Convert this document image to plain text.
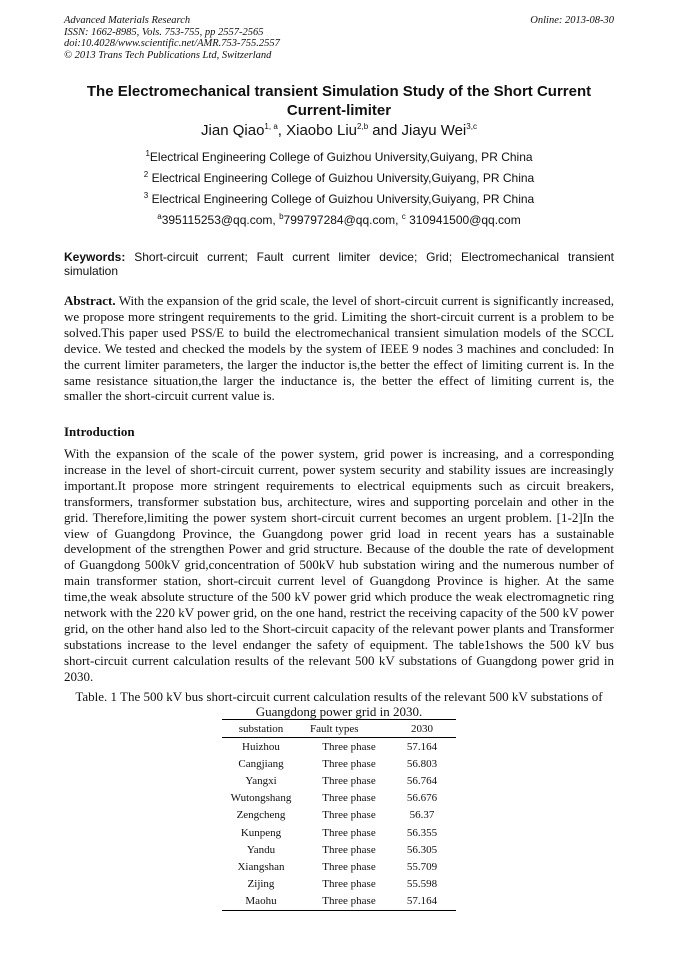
Advanced Materials Research
ISSN: 1662-8985, Vols. 753-755, pp 2557-2565
doi:10.4028/www.scientific.net/AMR.753-755.2557
© 2013 Trans Tech Publications Ltd, Switzerland
Online: 2013-08-30
The Electromechanical transient Simulation Study of the Short Current Current-limiter
Jian Qiao$^{1, a}$, Xiaobo Liu$^{2,b}$ and Jiayu Wei$^{3,c}$
$^1$Electrical Engineering College of Guizhou University,Guiyang, PR China
$^2$ Electrical Engineering College of Guizhou University,Guiyang, PR China
$^3$ Electrical Engineering College of Guizhou University,Guiyang, PR China
$^a$395115253@qq.com, $^b$799797284@qq.com, $^c$ 310941500@qq.com
Keywords: Short-circuit current; Fault current limiter device; Grid; Electromechanical transient simulation
Abstract. With the expansion of the grid scale, the level of short-circuit current is significantly increased, we propose more stringent requirements to the grid. Limiting the short-circuit current is a problem to be solved.This paper used PSS/E to build the electromechanical transient simulation models of the SCCL device. We tested and checked the models by the system of IEEE 9 nodes 3 machines and concluded: In the current limiter parameters, the larger the inductor is,the better the effect of limiting current is. In the same resistance situation,the larger the inductance is, the better the effect of limiting current is, the smaller the short-circuit current value is.
Introduction
With the expansion of the scale of the power system, grid power is increasing, and a corresponding increase in the level of short-circuit current, power system security and stability issues are increasingly important.It propose more stringent requirements to electrical equipments such as circuit breakers, transformers, transformer substation bus, architecture, wires and supporting porcelain and other in the grid. Therefore,limiting the power system short-circuit current becomes an urgent problem. [1-2]In the view of Guangdong Province, the Guangdong power grid load in recent years has a sustainable development of the strengthen Power and grid structure. Because of the double the rate of development of Guangdong 500kV grid,concentration of 500kV hub substation wiring and the numerous number of main transformer station, short-circuit current level of Guangdong Province is higher. At the same time,the weak absolute structure of the 500 kV power grid which produce the weak electromagnetic ring network with the 220 kV power grid, on the one hand, restrict the receiving capacity of the 500 kV power grid, on the other hand also led to the Short-circuit capacity of the relevant power plants and Transformer substations increase to the level endanger the safety of equipment. The table1shows the 500 kV bus short-circuit current calculation results of the relevant 500 kV substations of Guangdong power grid in 2030.
Table. 1 The 500 kV bus short-circuit current calculation results of the relevant 500 kV substations of Guangdong power grid in 2030.
substation	Fault types	2030
Huizhou	Three phase	57.164
Cangjiang	Three phase	56.803
Yangxi	Three phase	56.764
Wutongshang	Three phase	56.676
Zengcheng	Three phase	56.37
Kunpeng	Three phase	56.355
Yandu	Three phase	56.305
Xiangshan	Three phase	55.709
Zijing	Three phase	55.598
Maohu	Three phase	57.164
